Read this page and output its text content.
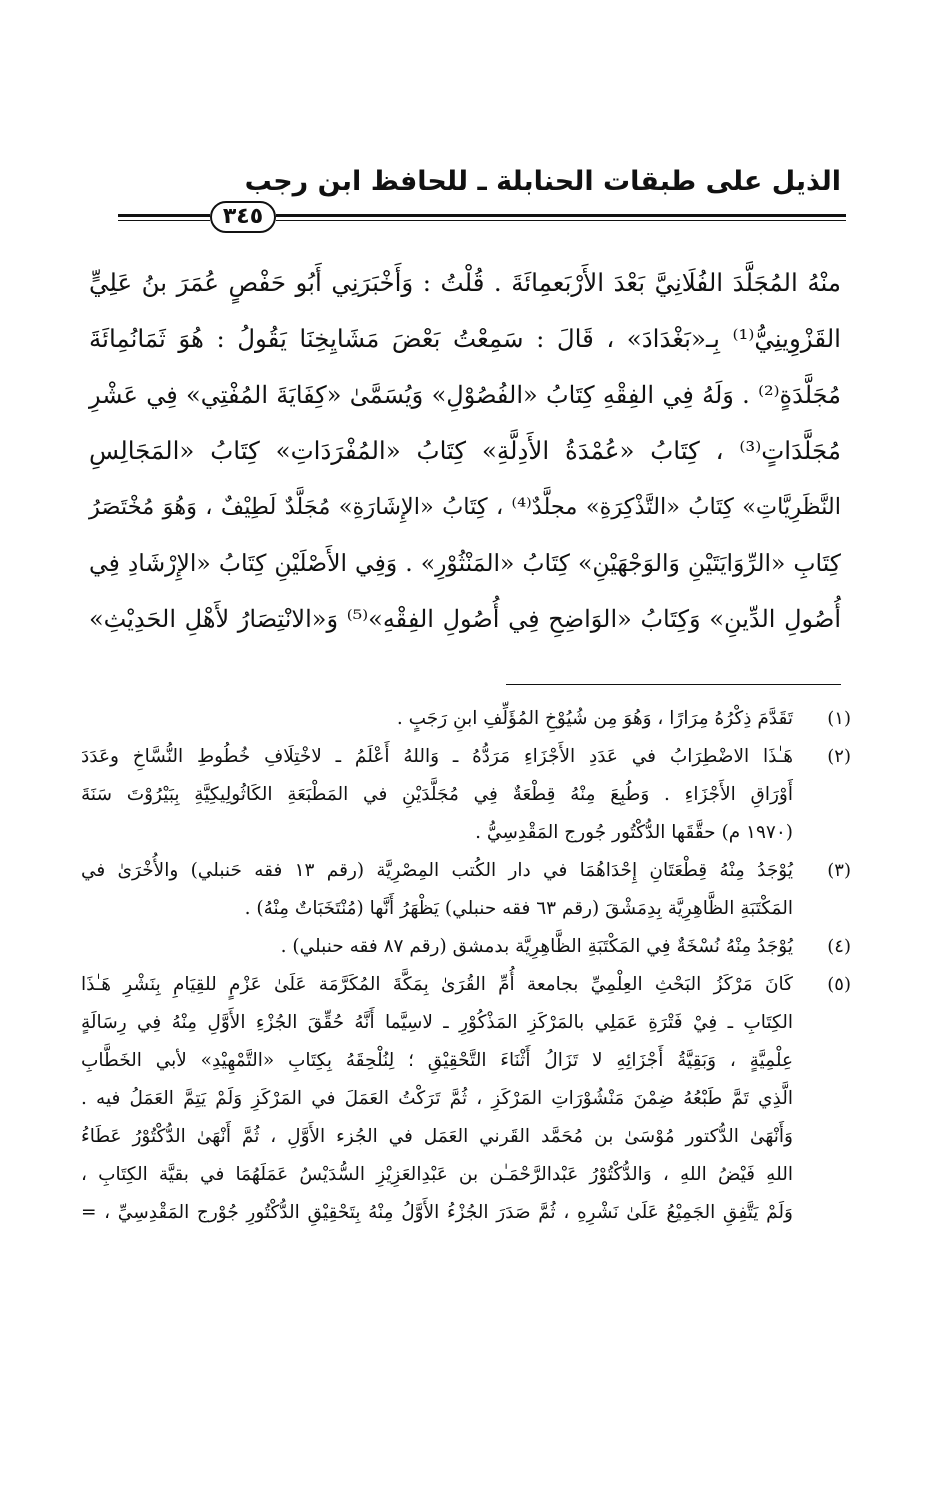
الذيل على طبقات الحنابلة ـ للحافظ ابن رجب
٣٤٥
منْهُ المُجَلَّدَ الفُلَانِيَّ بَعْدَ الأَرْبَعمِائَةَ . قُلْتُ : وَأَخْبَرَنِي أَبُو حَفْصٍ عُمَرَ بنُ عَلِيٍّ
القَزْوِينِيُّ⁽¹⁾ بِـ«بَغْدَادَ» ، قَالَ : سَمِعْتُ بَعْضَ مَشَايِخِنَا يَقُولُ : هُوَ ثَمَانُمِائَةَ
مُجَلَّدَةٍ⁽²⁾ . وَلَهُ فِي الفِقْهِ كِتَابُ «الفُصُوْلِ» وَيُسَمَّىٰ «كِفَايَةَ المُفْتِي» فِي عَشْرِ
مُجَلَّدَاتٍ⁽³⁾ ، كِتَابُ «عُمْدَةُ الأَدِلَّةِ» كِتَابُ «المُفْرَدَاتِ» كِتَابُ «المَجَالِسِ
النَّظَرِيَّاتِ» كِتَابُ «التَّذْكِرَةِ» مجلَّدٌ⁽⁴⁾ ، كِتَابُ «الإِشَارَةِ» مُجَلَّدٌ لَطِيْفٌ ، وَهُوَ مُخْتَصَرُ
كِتَابِ «الرِّوَايَتَيْنِ وَالوَجْهَيْنِ» كِتَابُ «المَنْثُوْرِ» . وَفِي الأَصْلَيْنِ كِتَابُ «الإِرْشَادِ فِي
أُصُولِ الدِّينِ» وَكِتَابُ «الوَاضِحِ فِي أُصُولِ الفِقْهِ»⁽⁵⁾ وَ«الانْتِصَارُ لأَهْلِ الحَدِيْثِ»
(١)
تَقَدَّمَ ذِكْرُهُ مِرَارًا ، وَهُوَ مِن شُيُوْخِ المُؤَلِّفِ ابنِ رَجَبٍ .
(٢)
هَـٰذَا الاضْطِرَابُ في عَدَدِ الأَجْزَاءِ مَرَدُّهُ ـ وَاللهُ أَعْلَمُ ـ لاخْتِلَافِ خُطُوطِ النُّسَّاخِ وعَدَدَ
أَوْرَاقِ الأَجْزَاءِ . وَطُبِعَ مِنْهُ قِطْعَةٌ فِي مُجَلَّدَيْنِ في المَطْبَعَةِ الكَاثُولِيكِيَّةِ بِبَيْرُوْتَ سَنَةَ
(١٩٧٠ م) حقَّقَها الدُّكْتُور جُورج المَقْدِسِيُّ .
(٣)
يُوْجَدُ مِنْهُ قِطْعَتَانِ إِحْدَاهُمَا في دار الكُتب المِصْرِيَّة (رقم ١٣ فقه حَنبلي) والأُخْرَىٰ في
المَكْتَبَةِ الظَّاهِرِيَّة بِدِمَشْقَ (رقم ٦٣ فقه حنبلي) يَظْهَرُ أَنَّها (مُنْتَخَبَاتٌ مِنْهُ) .
(٤)
يُوْجَدُ مِنْهُ نُسْخَةٌ فِي المَكْتَبَةِ الظَّاهِرِيَّة بدمشق (رقم ٨٧ فقه حنبلي) .
(٥)
كَانَ مَرْكَزُ البَحْثِ العِلْمِيِّ بجامعة أُمِّ القُرَىٰ بِمَكَّةَ المُكَرَّمَة عَلَىٰ عَزْمٍ للقِيَامِ بِنَشْرِ هَـٰذَا
الكِتَابِ ـ فِيْ فَتْرَةِ عَمَلِي بالمَرْكَزِ المَذْكُوْرِ ـ لاسِيَّما أَنَّهُ حُقِّقَ الجُزْءِ الأَوَّلِ مِنْهُ فِي رِسَالَةٍ
عِلْمِيَّةٍ ، وَبَقِيَّةُ أَجْزَائِهِ لا تَزَالُ أَثْنَاءَ التَّحْقِيْقِ ؛ لِنُلْحِقَهُ بِكِتَابِ «التَّمْهِيْدِ» لأبي الخَطَّابِ
الَّذِي تَمَّ طَبْعُهُ ضِمْنَ مَنْشُوْرَاتِ المَرْكَزِ ، ثُمَّ تَرَكْتُ العَمَلَ في المَرْكَزِ وَلَمْ يَتِمَّ العَمَلُ فيه .
وَأَنْهَىٰ الدُّكتور مُوْسَىٰ بن مُحَمَّد القَرني العَمَل في الجُزء الأَوَّلِ ، ثُمَّ أَنْهَىٰ الدُّكْتُوْرُ عَطَاءُ
اللهِ فَيْضُ اللهِ ، وَالدُّكْتُوْرُ عَبْدالرَّحْمَـٰن بن عَبْدِالعَزِيْزِ السُّدَيْسُ عَمَلَهُمَا في بقيَّة الكِتَابِ ،
وَلَمْ يَتَّفِقِ الجَمِيْعُ عَلَىٰ نَشْرِهِ ، ثُمَّ صَدَرَ الجُزْءُ الأَوَّلُ مِنْهُ بِتَحْقِيْقِ الدُّكْتُورِ جُوْرج المَقْدِسِيِّ ، =
